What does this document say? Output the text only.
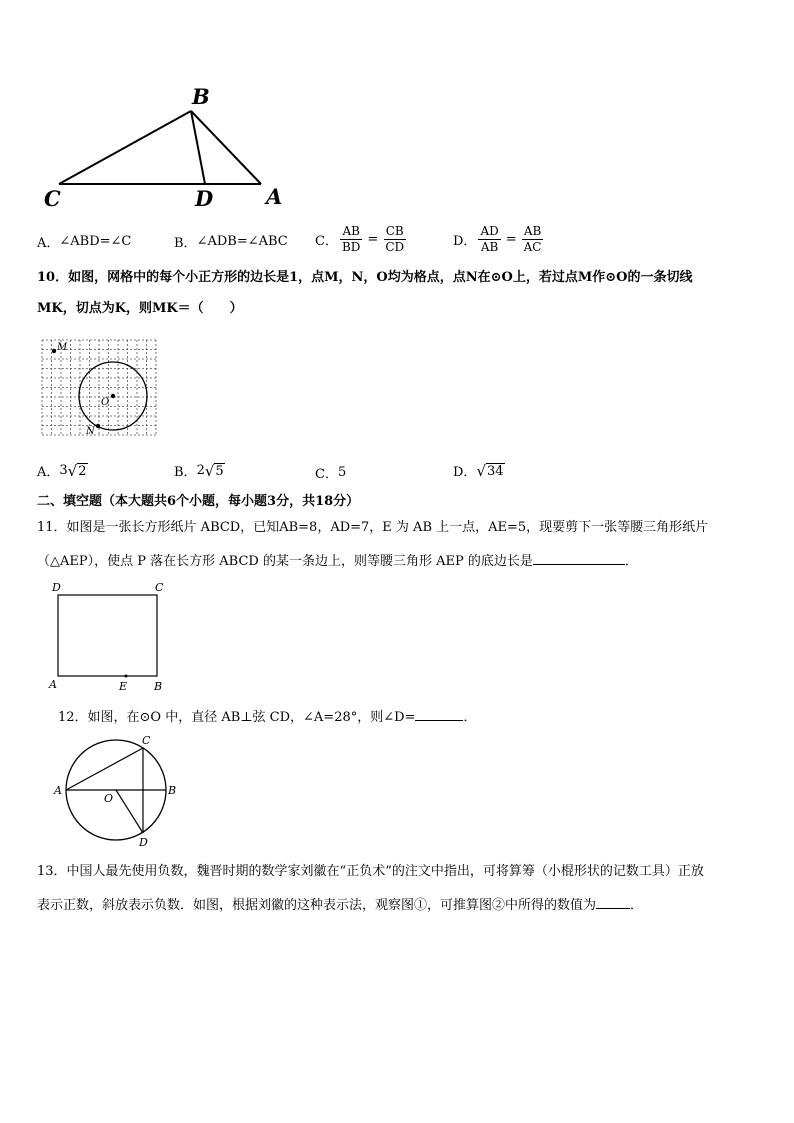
B
C	D	A
A． ∠ABD=∠C	B． ∠ADB=∠ABC C． $\frac{AB}{BD} = \frac{CB}{CD}$	D． $\frac{AD}{AB} = \frac{AB}{AC}$
10．如图，网格中的每个小正方形的边长是1，点M，N，O均为格点，点N在⊙O上，若过点M作⊙O的一条切线
MK，切点为K，则MK＝（　　）
M
O
N
A． 3 √ 2	B． 2 √ 5	C． 5	D． √ 34
二、填空题（本大题共6个小题，每小题3分，共18分）
11．如图是一张长方形纸片 ABCD，已知AB=8，AD=7，E 为 AB 上一点，AE=5，现要剪下一张等腰三角形纸片
（△AEP），使点 P 落在长方形 ABCD 的某一条边上，则等腰三角形 AEP 的底边长是	．
D	C
A	E B
12．如图，在⊙O 中，直径 AB⊥弦 CD，∠A=28°，则∠D=	．
C
A
O
B
D
13．中国人最先使用负数，魏晋时期的数学家刘徽在“正负术”的注文中指出，可将算筹（小棍形状的记数工具）正放
表示正数，斜放表示负数．如图，根据刘徽的这种表示法，观察图①，可推算图②中所得的数值为	．
